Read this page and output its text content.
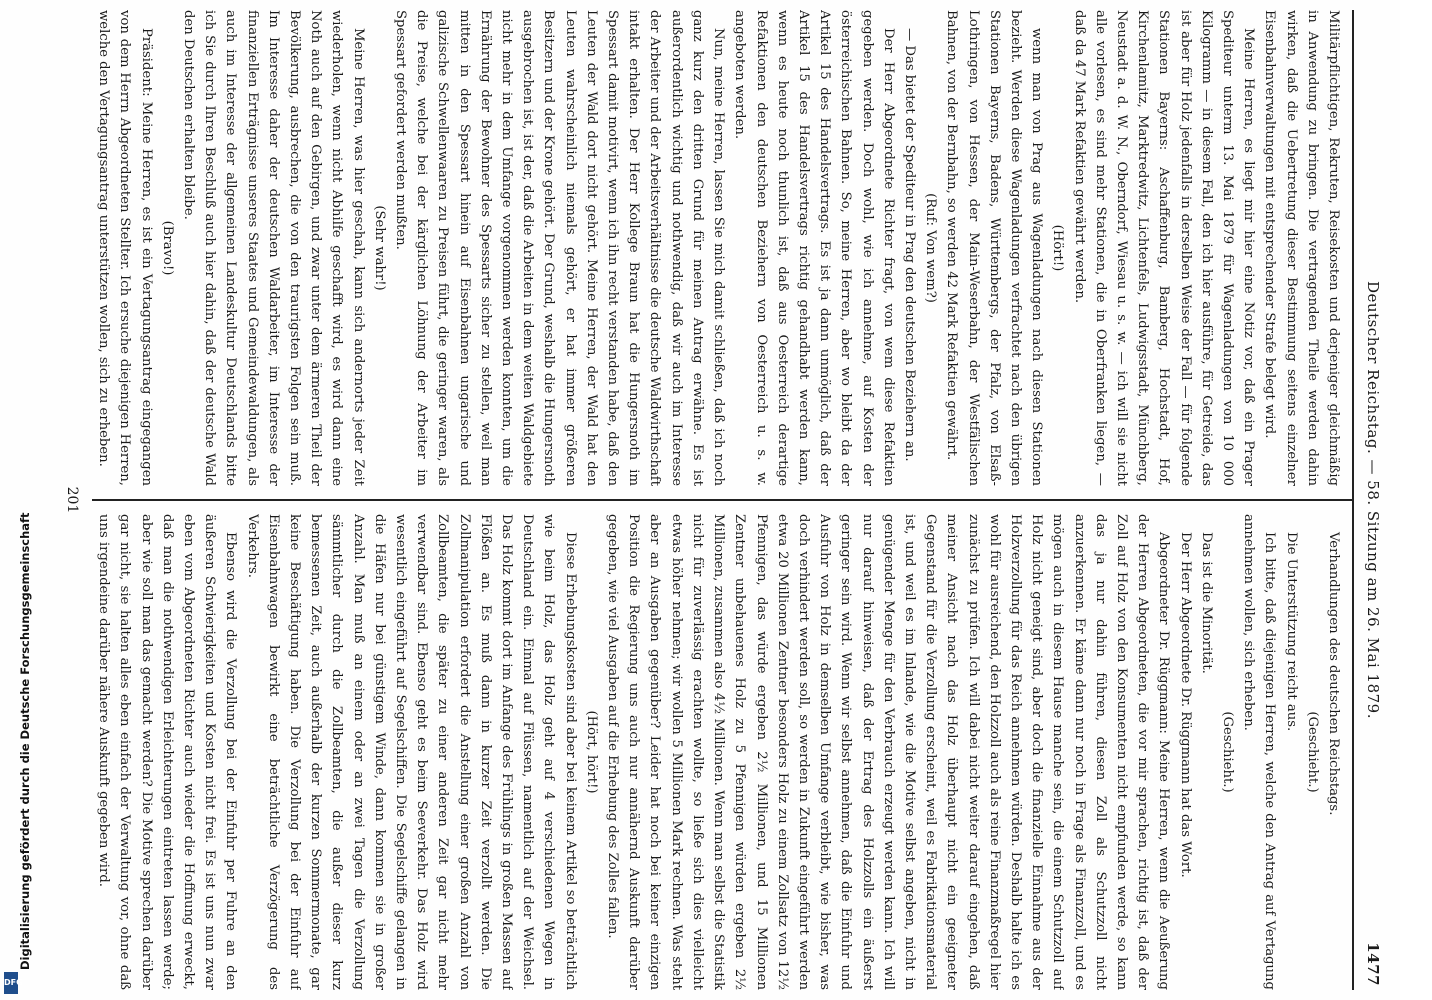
Deutscher Reichstag. — 58. Sitzung am 26. Mai 1879.
1477

Militärpflichtigen, Rekruten, Reisekosten und derjeniger gleichmäßig in Anwendung zu bringen. Die vertragenden Theile werden dahin wirken, daß die Uebertretung dieser Bestimmung seitens einzelner Eisenbahnverwaltungen mit entsprechender Strafe belegt wird.

Meine Herren, es liegt mir hier eine Notiz vor, daß ein Prager Spediteur unterm 13. Mai 1879 für Wagenladungen von 10 000 Kilogramm — in diesem Fall, den ich hier ausführe, für Getreide, das ist aber für Holz jedenfalls in derselben Weise der Fall — für folgende Stationen Bayerns: Aschaffenburg, Bamberg, Hochstadt, Hof, Kirchenlamitz, Marktredwitz, Lichtenfels, Ludwigsstadt, Münchberg, Neustadt a. d. W. N., Oberndorf, Wiesau u. s. w. — ich will sie nicht alle vorlesen, es sind mehr Stationen, die in Oberfranken liegen, — daß da 47 Mark Refaktien gewährt werden.

(Hört!)

wenn man von Prag aus Wagenladungen nach diesen Stationen bezieht. Werden diese Wagenladungen verfrachtet nach den übrigen Stationen Bayerns, Badens, Württembergs, der Pfalz, von Elsaß-Lothringen, von Hessen, der Main-Weserbahn, der Westfälischen Bahnen, von der Bernbahn, so werden 42 Mark Refaktien gewährt.

(Ruf: Von wem?)

— Das bietet der Spediteur in Prag den deutschen Beziehern an.

Der Herr Abgeordnete Richter fragt, von wem diese Refaktien gegeben werden. Doch wohl, wie ich annehme, auf Kosten der österreichischen Bahnen. So, meine Herren, aber wo bleibt da der Artikel 15 des Handelsvertrags. Es ist ja dann unmöglich, daß der Artikel 15 des Handelsvertrags richtig gehandhabt werden kann, wenn es heute noch thunlich ist, daß aus Oesterreich derartige Refaktionen den deutschen Beziehern von Oesterreich u. s. w. angeboten werden.

Nun, meine Herren, lassen Sie mich damit schließen, daß ich noch ganz kurz den dritten Grund für meinen Antrag erwähne. Es ist außerordentlich wichtig und nothwendig, daß wir auch im Interesse der Arbeiter und der Arbeitsverhältnisse die deutsche Waldwirthschaft intakt erhalten. Der Herr Kollege Braun hat die Hungersnoth im Spessart damit motivirt, wenn ich ihn recht verstanden habe, daß den Leuten der Wald dort nicht gehört. Meine Herren, der Wald hat den Leuten wahrscheinlich niemals gehört, er hat immer größeren Besitzern und der Krone gehört. Der Grund, weshalb die Hungersnoth ausgebrochen ist, ist der, daß die Arbeiten in dem weiten Waldgebiete nicht mehr in dem Umfange vorgenommen werden konnten, um die Ernährung der Bewohner des Spessarts sicher zu stellen, weil man mitten in den Spessart hinein auf Eisenbahnen ungarische und galizische Schwellenwaaren zu Preisen führt, die geringer waren, als die Preise, welche bei der kärglichen Löhnung der Arbeiter im Spessart gefordert werden mußten.

(Sehr wahr!)

Meine Herren, was hier geschah, kann sich andernorts jeder Zeit wiederholen, wenn nicht Abhilfe geschafft wird, es wird dann eine Noth auch auf den Gebirgen, und zwar unter dem ärmeren Theil der Bevölkerung, ausbrechen, die von den traurigsten Folgen sein muß. Im Interesse daher der deutschen Waldarbeiter, im Interesse der finanziellen Erträgnisse unseres Staates und Gemeindewaldungen, als auch im Interesse der allgemeinen Landeskultur Deutschlands bitte ich Sie durch Ihren Beschluß auch hier dahin, daß der deutsche Wald den Deutschen erhalten bleibe.

(Bravo!)

Präsident: Meine Herren, es ist ein Vertagungsantrag eingegangen von dem Herrn Abgeordneten Stellter. Ich ersuche diejenigen Herren, welche den Vertagungsantrag unterstützen wollen, sich zu erheben.

Verhandlungen des deutschen Reichstags.

(Geschieht.)

Die Unterstützung reicht aus.

Ich bitte, daß diejenigen Herren, welche den Antrag auf Vertagung annehmen wollen, sich erheben.

(Geschieht.)

Das ist die Minorität.

Der Herr Abgeordnete Dr. Rüggmann hat das Wort.

Abgeordneter Dr. Rüggmann: Meine Herren, wenn die Aeußerung der Herren Abgeordneten, die vor mir sprachen, richtig ist, daß der Zoll auf Holz von den Konsumenten nicht empfunden werde, so kann das ja nur dahin führen, diesen Zoll als Schutzzoll nicht anzuerkennen. Er käme dann nur noch in Frage als Finanzzoll, und es mögen auch in diesem Hause manche sein, die einem Schutzzoll auf Holz nicht geneigt sind, aber doch die finanzielle Einnahme aus der Holzverzollung für das Reich annehmen würden. Deshalb halte ich es wohl für ausreichend, den Holzzoll auch als reine Finanzmaßregel hier zunächst zu prüfen. Ich will dabei nicht weiter darauf eingehen, daß meiner Ansicht nach das Holz überhaupt nicht ein geeigneter Gegenstand für die Verzollung erscheint, weil es Fabrikationsmaterial ist, und weil es im Inlande, wie die Motive selbst angeben, nicht in genügender Menge für den Verbrauch erzeugt werden kann. Ich will nur darauf hinweisen, daß der Ertrag des Holzzolls ein äußerst geringer sein wird. Wenn wir selbst annehmen, daß die Einfuhr und Ausfuhr von Holz in demselben Umfange verbleibt, wie bisher, was doch verhindert werden soll, so werden in Zukunft eingeführt werden etwa 20 Millionen Zentner besonders Holz zu einem Zollsatz von 12½ Pfennigen, das würde ergeben 2½ Millionen, und 15 Millionen Zentner unbehauenes Holz zu 5 Pfennigen würden ergeben 2½ Millionen, zusammen also 4½ Millionen. Wenn man selbst die Statistik nicht für zuverlässig erachten wollte, so ließe sich dies vielleicht etwas höher nehmen; wir wollen 5 Millionen Mark rechnen. Was steht aber an Ausgaben gegenüber? Leider hat noch bei keiner einzigen Position die Regierung uns auch nur annähernd Auskunft darüber gegeben, wie viel Ausgaben auf die Erhebung des Zolles fallen.

(Hört, hört!)

Diese Erhebungskosten sind aber bei keinem Artikel so beträchtlich wie beim Holz, das Holz geht auf 4 verschiedenen Wegen in Deutschland ein. Einmal auf Flüssen, namentlich auf der Weichsel. Das Holz kommt dort im Anfange des Frühlings in großen Massen auf Flößen an. Es muß dann in kurzer Zeit verzollt werden. Die Zollmanipulation erfordert die Anstellung einer großen Anzahl von Zollbeamten, die später zu einer anderen Zeit gar nicht mehr verwendbar sind. Ebenso geht es beim Seeverkehr. Das Holz wird wesentlich eingeführt auf Segelschiffen. Die Segelschiffe gelangen in die Häfen nur bei günstigem Winde, dann kommen sie in großer Anzahl. Man muß an einem oder an zwei Tagen die Verzollung sämmtlicher durch die Zollbeamten, die außer dieser kurz bemessenen Zeit, auch außerhalb der kurzen Sommermonate, gar keine Beschäftigung haben. Die Verzollung bei der Einfuhr auf Eisenbahnwagen bewirkt eine beträchtliche Verzögerung des Verkehrs.

Ebenso wird die Verzollung bei der Einfuhr per Fuhre an den äußeren Schwierigkeiten und Kosten nicht frei. Es ist uns nun zwar eben vom Abgeordneten Richter auch wieder die Hoffnung erweckt, daß man die nothwendigen Erleichterungen eintreten lassen werde; aber wie soll man das gemacht werden? Die Motive sprechen darüber gar nicht, sie halten alles eben einfach der Verwaltung vor, ohne daß uns irgendeine darüber nähere Auskunft gegeben wird.

201
DFG
Digitalisierung gefördert durch die Deutsche Forschungsgemeinschaft
